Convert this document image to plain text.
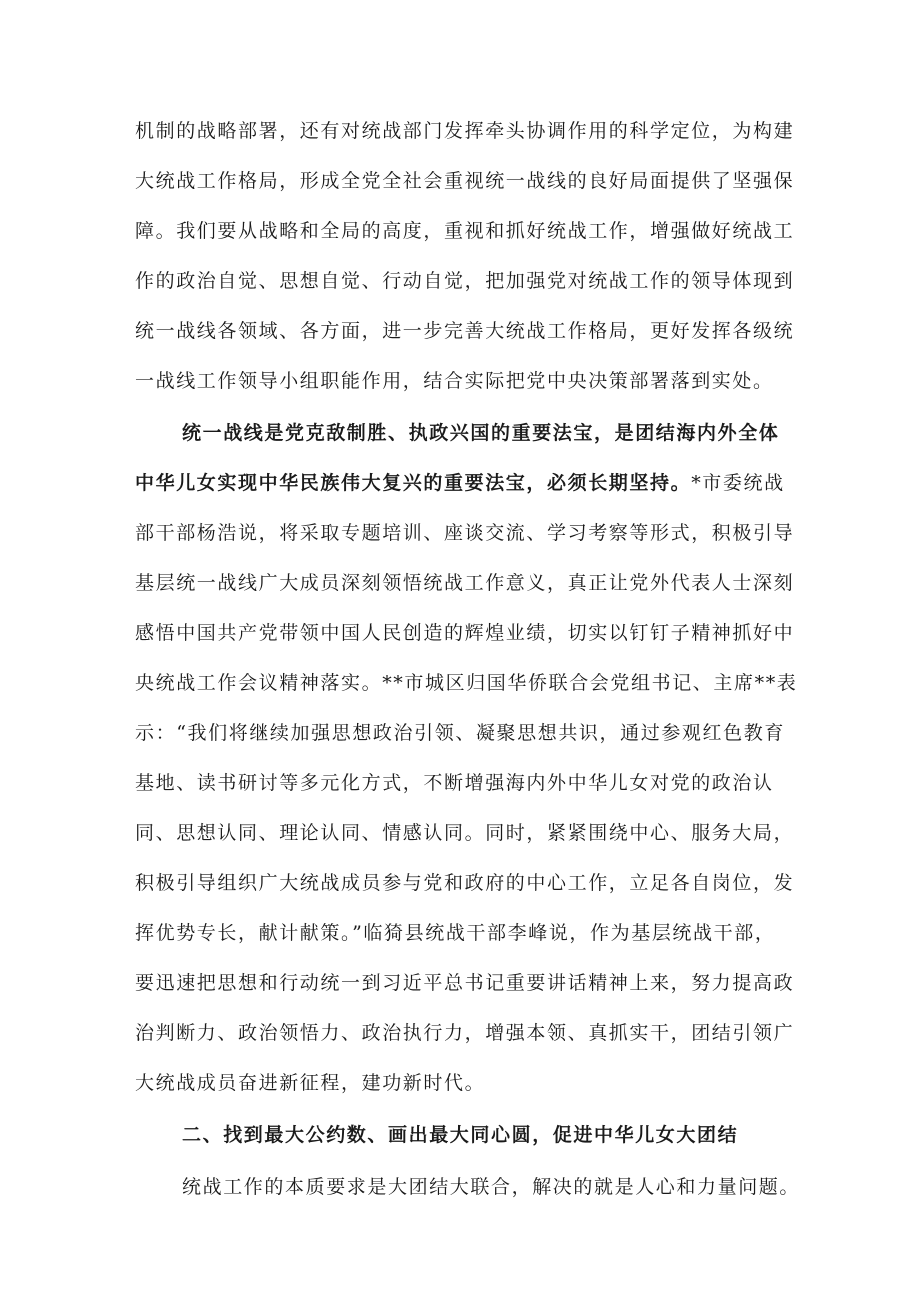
机制的战略部署，还有对统战部门发挥牵头协调作用的科学定位，为构建
大统战工作格局，形成全党全社会重视统一战线的良好局面提供了坚强保
障。我们要从战略和全局的高度，重视和抓好统战工作，增强做好统战工
作的政治自觉、思想自觉、行动自觉，把加强党对统战工作的领导体现到
统一战线各领域、各方面，进一步完善大统战工作格局，更好发挥各级统
一战线工作领导小组职能作用，结合实际把党中央决策部署落到实处。
统一战线是党克敌制胜、执政兴国的重要法宝，是团结海内外全体
中华儿女实现中华民族伟大复兴的重要法宝，必须长期坚持。*市委统战
部干部杨浩说，将采取专题培训、座谈交流、学习考察等形式，积极引导
基层统一战线广大成员深刻领悟统战工作意义，真正让党外代表人士深刻
感悟中国共产党带领中国人民创造的辉煌业绩，切实以钉钉子精神抓好中
央统战工作会议精神落实。**市城区归国华侨联合会党组书记、主席**表
示：“我们将继续加强思想政治引领、凝聚思想共识，通过参观红色教育
基地、读书研讨等多元化方式，不断增强海内外中华儿女对党的政治认
同、思想认同、理论认同、情感认同。同时，紧紧围绕中心、服务大局，
积极引导组织广大统战成员参与党和政府的中心工作，立足各自岗位，发
挥优势专长，献计献策。”临猗县统战干部李峰说，作为基层统战干部，
要迅速把思想和行动统一到习近平总书记重要讲话精神上来，努力提高政
治判断力、政治领悟力、政治执行力，增强本领、真抓实干，团结引领广
大统战成员奋进新征程，建功新时代。
二、找到最大公约数、画出最大同心圆，促进中华儿女大团结
统战工作的本质要求是大团结大联合，解决的就是人心和力量问题。
